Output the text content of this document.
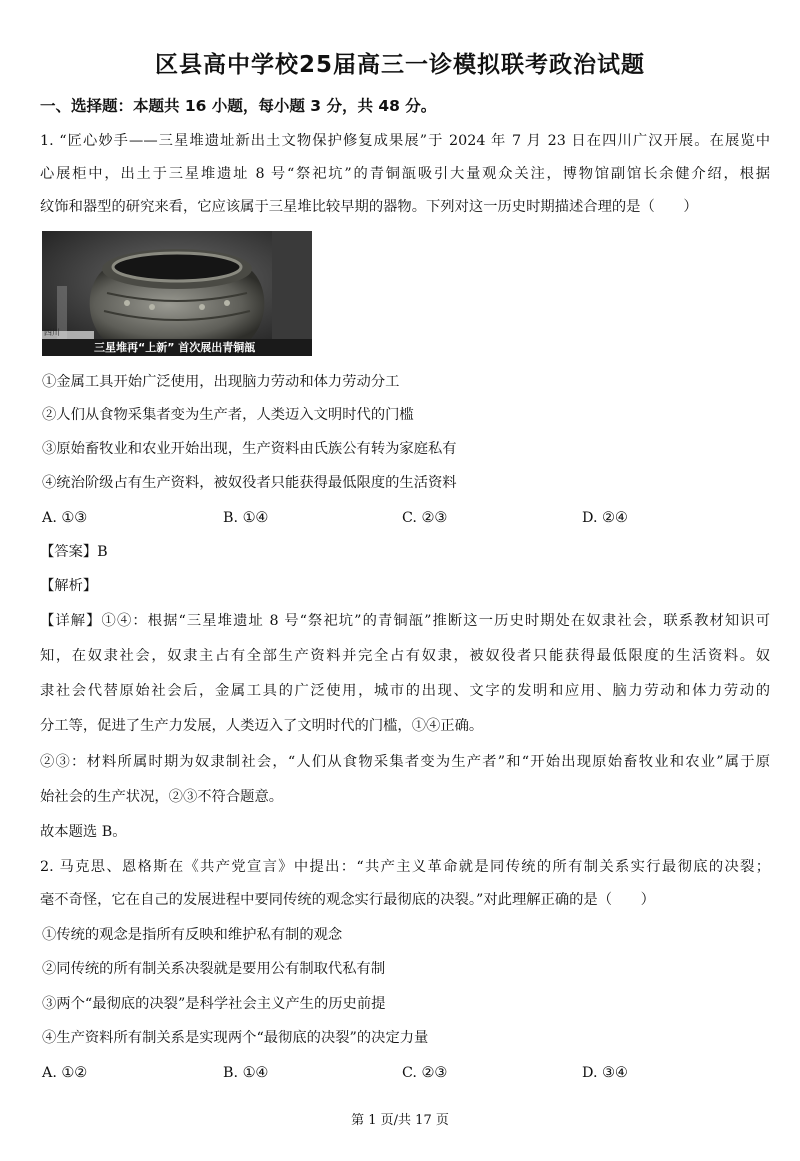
区县高中学校25届高三一诊模拟联考政治试题
一、选择题：本题共 16 小题，每小题 3 分，共 48 分。
1. “匠心妙手——三星堆遗址新出土文物保护修复成果展”于 2024 年 7 月 23 日在四川广汉开展。在展览中
心展柜中，出土于三星堆遗址 8 号“祭祀坑”的青铜瓿吸引大量观众关注，博物馆副馆长余健介绍，根据
纹饰和器型的研究来看，它应该属于三星堆比较早期的器物。下列对这一历史时期描述合理的是（　　）
三星堆再“上新” 首次展出青铜瓿
四川
①金属工具开始广泛使用，出现脑力劳动和体力劳动分工
②人们从食物采集者变为生产者，人类迈入文明时代的门槛
③原始畜牧业和农业开始出现，生产资料由氏族公有转为家庭私有
④统治阶级占有生产资料，被奴役者只能获得最低限度的生活资料
A. ①③	B. ①④	C. ②③	D. ②④
【答案】B
【解析】
【详解】①④：根据“三星堆遗址 8 号“祭祀坑”的青铜瓿”推断这一历史时期处在奴隶社会，联系教材知识可
知，在奴隶社会，奴隶主占有全部生产资料并完全占有奴隶，被奴役者只能获得最低限度的生活资料。奴
隶社会代替原始社会后，金属工具的广泛使用，城市的出现、文字的发明和应用、脑力劳动和体力劳动的
分工等，促进了生产力发展，人类迈入了文明时代的门槛，①④正确。
②③：材料所属时期为奴隶制社会，“人们从食物采集者变为生产者”和“开始出现原始畜牧业和农业”属于原
始社会的生产状况，②③不符合题意。
故本题选 B。
2. 马克思、恩格斯在《共产党宣言》中提出：“共产主义革命就是同传统的所有制关系实行最彻底的决裂；
毫不奇怪，它在自己的发展进程中要同传统的观念实行最彻底的决裂。”对此理解正确的是（　　）
①传统的观念是指所有反映和维护私有制的观念
②同传统的所有制关系决裂就是要用公有制取代私有制
③两个“最彻底的决裂”是科学社会主义产生的历史前提
④生产资料所有制关系是实现两个“最彻底的决裂”的决定力量
A. ①②	B. ①④	C. ②③	D. ③④
第 1 页/共 17 页
